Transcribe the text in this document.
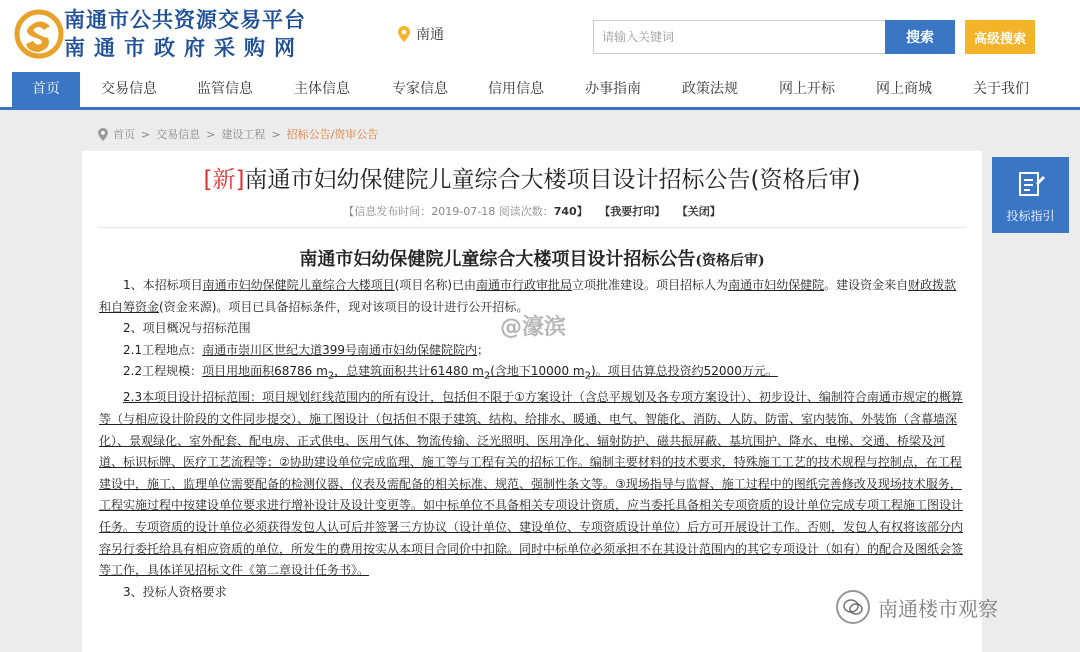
南通市公共资源交易平台
南通市政府采购网
南通
请输入关键词	搜索	高级搜索
首页	交易信息	监管信息	主体信息	专家信息	信用信息	办事指南	政策法规	网上开标	网上商城	关于我们
首页 > 交易信息 > 建设工程 > 招标公告/资审公告
[新]南通市妇幼保健院儿童综合大楼项目设计招标公告(资格后审)
【信息发布时间：2019-07-18 阅读次数：740】 【我要打印】 【关闭】
南通市妇幼保健院儿童综合大楼项目设计招标公告(资格后审)

1、本招标项目南通市妇幼保健院儿童综合大楼项目(项目名称)已由南通市行政审批局立项批准建设。项目招标人为南通市妇幼保健院。建设资金来自财政拨款和自筹资金(资金来源)。项目已具备招标条件，现对该项目的设计进行公开招标。

2、项目概况与招标范围

2.1工程地点：南通市崇川区世纪大道399号南通市妇幼保健院院内；

2.2工程规模：项目用地面积68786 $m_2$，总建筑面积共计61480 $m_2$(含地下10000 $m_2$)。项目估算总投资约52000万元。

2.3本项目设计招标范围：项目规划红线范围内的所有设计，包括但不限于①方案设计（含总平规划及各专项方案设计）、初步设计、编制符合南通市规定的概算等（与相应设计阶段的文件同步提交）、施工图设计（包括但不限于建筑、结构、给排水、暖通、电气、智能化、消防、人防、防雷、室内装饰、外装饰（含幕墙深化）、景观绿化、室外配套、配电房、正式供电、医用气体、物流传输、泛光照明、医用净化、辐射防护、磁共振屏蔽、基坑围护、降水、电梯、交通、桥梁及河道、标识标牌、医疗工艺流程等；②协助建设单位完成监理、施工等与工程有关的招标工作。编制主要材料的技术要求，特殊施工工艺的技术规程与控制点，在工程建设中，施工、监理单位需要配备的检测仪器、仪表及需配备的相关标准、规范、强制性条文等。③现场指导与监督、施工过程中的图纸完善修改及现场技术服务，工程实施过程中按建设单位要求进行增补设计及设计变更等。如中标单位不具备相关专项设计资质，应当委托具备相关专项资质的设计单位完成专项工程施工图设计任务。专项资质的设计单位必须获得发包人认可后并签署三方协议（设计单位、建设单位、专项资质设计单位）后方可开展设计工作。否则，发包人有权将该部分内容另行委托给具有相应资质的单位，所发生的费用按实从本项目合同价中扣除。同时中标单位必须承担不在其设计范围内的其它专项设计（如有）的配合及图纸会签等工作，具体详见招标文件《第二章设计任务书》。

3、投标人资格要求

投标指引
@濠滨
南通楼市观察
